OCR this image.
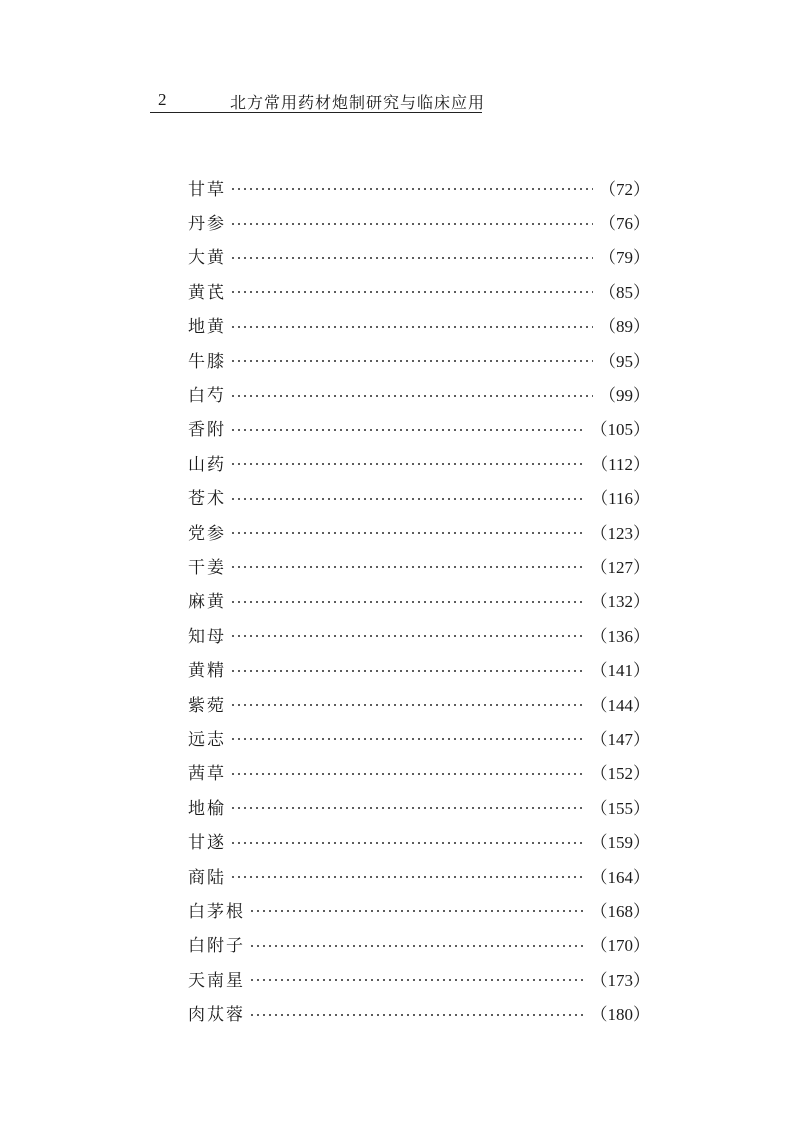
2	北方常用药材炮制研究与临床应用
甘草	（72）
丹参	（76）
大黄	（79）
黄芪	（85）
地黄	（89）
牛膝	（95）
白芍	（99）
香附	（105）
山药	（112）
苍术	（116）
党参	（123）
干姜	（127）
麻黄	（132）
知母	（136）
黄精	（141）
紫菀	（144）
远志	（147）
茜草	（152）
地榆	（155）
甘遂	（159）
商陆	（164）
白茅根	（168）
白附子	（170）
天南星	（173）
肉苁蓉	（180）
